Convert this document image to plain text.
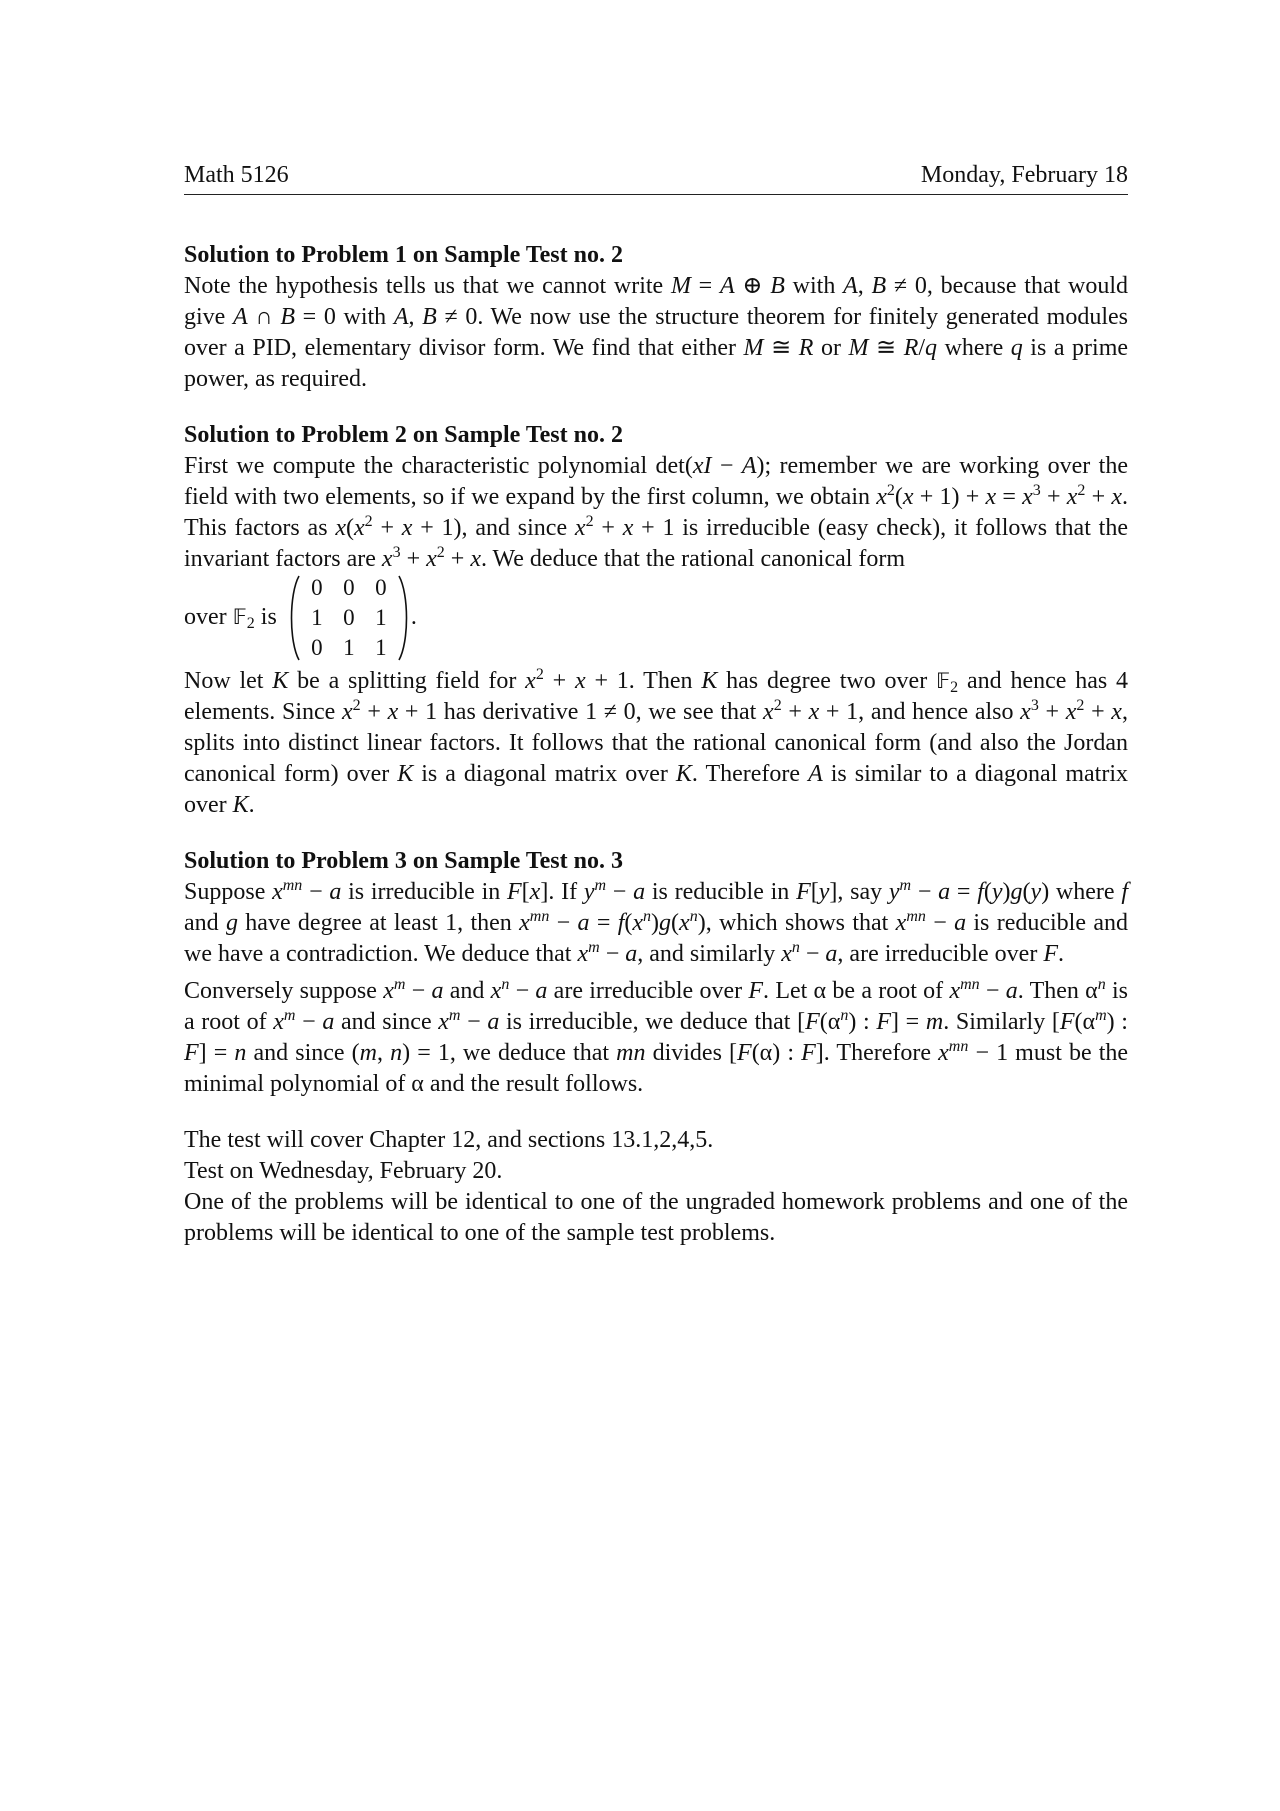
Math 5126	Monday, February 18
Solution to Problem 1 on Sample Test no. 2

Note the hypothesis tells us that we cannot write M = A ⊕ B with A, B ≠ 0, because that would give A ∩ B = 0 with A, B ≠ 0. We now use the structure theorem for finitely generated modules over a PID, elementary divisor form. We find that either M ≅ R or M ≅ R/q where q is a prime power, as required.

Solution to Problem 2 on Sample Test no. 2

First we compute the characteristic polynomial det(xI − A); remember we are working over the field with two elements, so if we expand by the first column, we obtain $x^2(x + 1) + x = x^3 + x^2 + x$. This factors as $x(x^2 + x + 1)$, and since $x^2 + x + 1$ is irreducible (easy check), it follows that the invariant factors are $x^3 + x^2 + x$. We deduce that the rational canonical form

over 𝔽$_2$ is
0 0 0
1 0 1
0 1 1
.

Now let K be a splitting field for $x^2 + x + 1$. Then K has degree two over 𝔽$_2$ and hence has 4 elements. Since $x^2 + x + 1$ has derivative 1 ≠ 0, we see that $x^2 + x + 1$, and hence also $x^3 + x^2 + x$, splits into distinct linear factors. It follows that the rational canonical form (and also the Jordan canonical form) over K is a diagonal matrix over K. Therefore A is similar to a diagonal matrix over K.

Solution to Problem 3 on Sample Test no. 3

Suppose $x^{mn} - a$ is irreducible in F[x]. If $y^m - a$ is reducible in F[y], say $y^m - a = f(y)g(y)$ where f and g have degree at least 1, then $x^{mn} - a = f(x^n)g(x^n)$, which shows that $x^{mn} - a$ is reducible and we have a contradiction. We deduce that $x^m - a$, and similarly $x^n - a$, are irreducible over F.

Conversely suppose $x^m - a$ and $x^n - a$ are irreducible over F. Let α be a root of $x^{mn} - a$. Then $\alpha^n$ is a root of $x^m - a$ and since $x^m - a$ is irreducible, we deduce that [$F(\alpha^n)$ : F] = m. Similarly [$F(\alpha^m)$ : F] = n and since (m, n) = 1, we deduce that mn divides [F(α) : F]. Therefore $x^{mn} - 1$ must be the minimal polynomial of α and the result follows.

The test will cover Chapter 12, and sections 13.1,2,4,5.

Test on Wednesday, February 20.

One of the problems will be identical to one of the ungraded homework problems and one of the problems will be identical to one of the sample test problems.
